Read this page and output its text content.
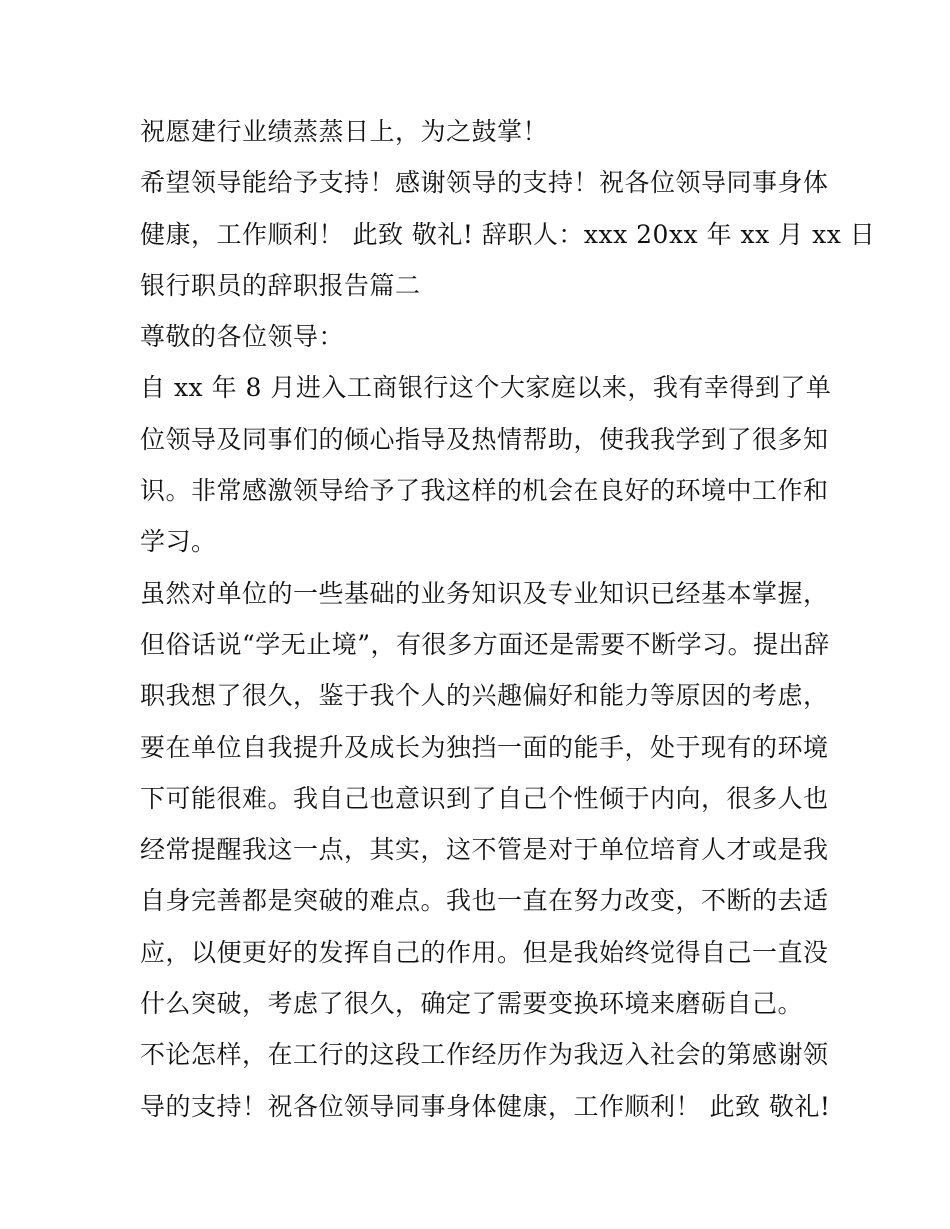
祝愿建行业绩蒸蒸日上，为之鼓掌！
希望领导能给予支持！感谢领导的支持！祝各位领导同事身体
健康，工作顺利！ 此致 敬礼! 辞职人：xxx 20xx 年 xx 月 xx 日
银行职员的辞职报告篇二
尊敬的各位领导：
自 xx 年 8 月进入工商银行这个大家庭以来，我有幸得到了单
位领导及同事们的倾心指导及热情帮助，使我我学到了很多知
识。非常感激领导给予了我这样的机会在良好的环境中工作和
学习。
虽然对单位的一些基础的业务知识及专业知识已经基本掌握，
但俗话说“学无止境”，有很多方面还是需要不断学习。提出辞
职我想了很久，鉴于我个人的兴趣偏好和能力等原因的考虑，
要在单位自我提升及成长为独挡一面的能手，处于现有的环境
下可能很难。我自己也意识到了自己个性倾于内向，很多人也
经常提醒我这一点，其实，这不管是对于单位培育人才或是我
自身完善都是突破的难点。我也一直在努力改变，不断的去适
应，以便更好的发挥自己的作用。但是我始终觉得自己一直没
什么突破，考虑了很久，确定了需要变换环境来磨砺自己。
不论怎样，在工行的这段工作经历作为我迈入社会的第感谢领
导的支持！祝各位领导同事身体健康，工作顺利！ 此致 敬礼!
